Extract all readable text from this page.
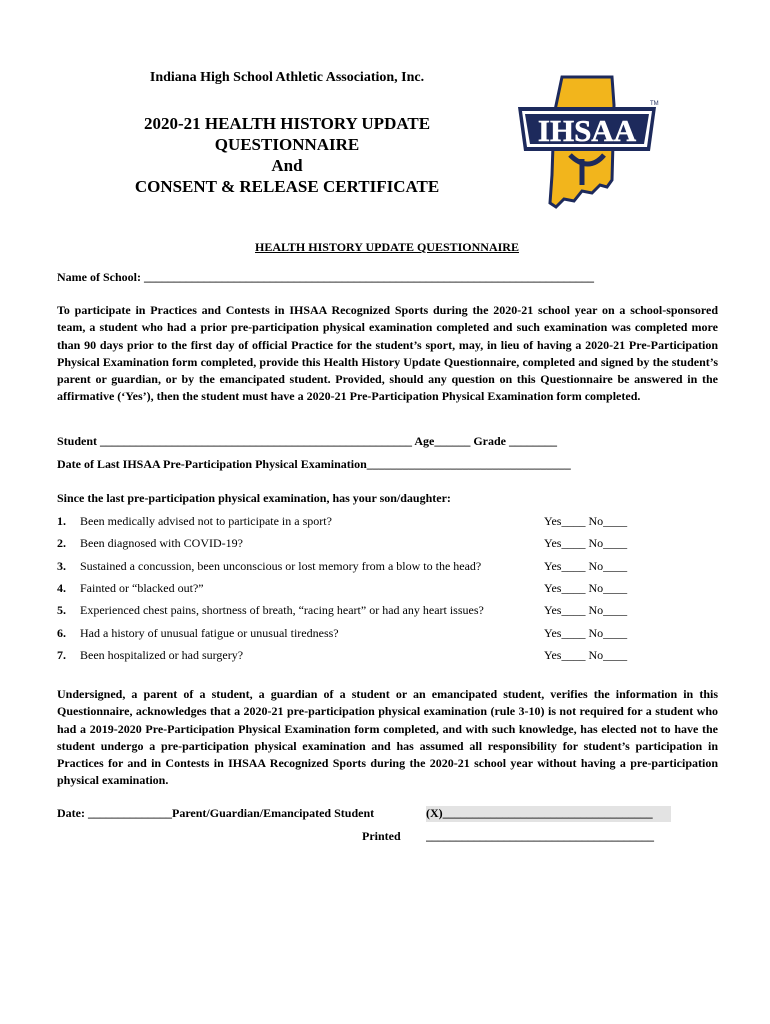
Indiana High School Athletic Association, Inc.
2020-21 HEALTH HISTORY UPDATE
QUESTIONNAIRE
And
CONSENT & RELEASE CERTIFICATE
IHSAA
TM
HEALTH HISTORY UPDATE QUESTIONNAIRE
Name of School: ___________________________________________________________________________
To participate in Practices and Contests in IHSAA Recognized Sports during the 2020-21 school year on a school-sponsored team, a student who had a prior pre-participation physical examination completed and such examination was completed more than 90 days prior to the first day of official Practice for the student’s sport, may, in lieu of having a 2020-21 Pre-Participation Physical Examination form completed, provide this Health History Update Questionnaire, completed and signed by the student’s parent or guardian, or by the emancipated student. Provided, should any question on this Questionnaire be answered in the affirmative (‘Yes’), then the student must have a 2020-21 Pre-Participation Physical Examination form completed.
Student ____________________________________________________ Age______ Grade ________
Date of Last IHSAA Pre-Participation Physical Examination__________________________________
Since the last pre-participation physical examination, has your son/daughter:
1. Been medically advised not to participate in a sport?	Yes____ No____
2. Been diagnosed with COVID-19?	Yes____ No____
3. Sustained a concussion, been unconscious or lost memory from a blow to the head?	Yes____ No____
4. Fainted or “blacked out?”	Yes____ No____
5. Experienced chest pains, shortness of breath, “racing heart” or had any heart issues?	Yes____ No____
6. Had a history of unusual fatigue or unusual tiredness?	Yes____ No____
7. Been hospitalized or had surgery?	Yes____ No____
Undersigned, a parent of a student, a guardian of a student or an emancipated student, verifies the information in this Questionnaire, acknowledges that a 2020-21 pre-participation physical examination (rule 3-10) is not required for a student who had a 2019-2020 Pre-Participation Physical Examination form completed, and with such knowledge, has elected not to have the student undergo a pre-participation physical examination and has assumed all responsibility for student’s participation in Practices for and in Contests in IHSAA Recognized Sports during the 2020-21 school year without having a pre-participation physical examination.
Date: ______________Parent/Guardian/Emancipated Student	(X)___________________________________
Printed ______________________________________
